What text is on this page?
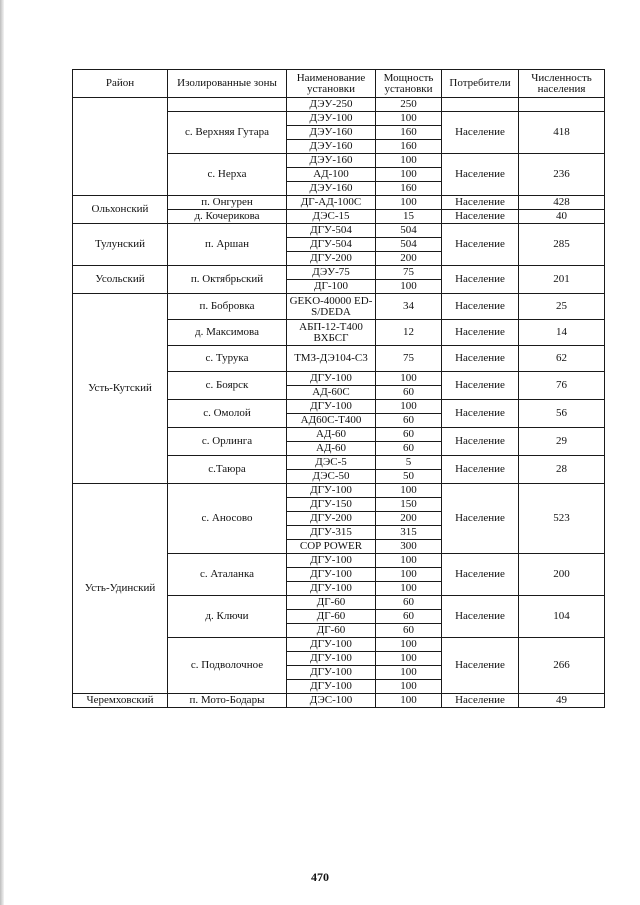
Район	Изолированные зоны	Наименование установки	Мощность установки	Потребители	Численность населения
		ДЭУ-250	250		
	с. Верхняя Гутара	ДЭУ-100	100	Население	418
		ДЭУ-160	160		
		ДЭУ-160	160		
	с. Нерха	ДЭУ-160	100	Население	236
		АД-100	100		
		ДЭУ-160	160		
Ольхонский	п. Онгурен	ДГ-АД-100С	100	Население	428
	д. Кочерикова	ДЭС-15	15	Население	40
Тулунский	п. Аршан	ДГУ-504	504	Население	285
		ДГУ-504	504		
		ДГУ-200	200		
Усольский	п. Октябрьский	ДЭУ-75	75	Население	201
		ДГ-100	100		
Усть-Кутский	п. Бобровка	GEKO-40000 ED-S/DEDA	34	Население	25
	д. Максимова	АБП-12-Т400 ВХБСГ	12	Население	14
	с. Турука	ТМЗ-ДЭ104-С3	75	Население	62
	с. Боярск	ДГУ-100	100	Население	76
		АД-60С	60		
	с. Омолой	ДГУ-100	100	Население	56
		АД60С-Т400	60		
	с. Орлинга	АД-60	60	Население	29
		АД-60	60		
	с.Таюра	ДЭС-5	5	Население	28
		ДЭС-50	50		
Усть-Удинский	с. Аносово	ДГУ-100	100	Население	523
		ДГУ-150	150		
		ДГУ-200	200		
		ДГУ-315	315		
		COP POWER	300		
	с. Аталанка	ДГУ-100	100	Население	200
		ДГУ-100	100		
		ДГУ-100	100		
	д. Ключи	ДГ-60	60	Население	104
		ДГ-60	60		
		ДГ-60	60		
	с. Подволочное	ДГУ-100	100	Население	266
		ДГУ-100	100		
		ДГУ-100	100		
		ДГУ-100	100		
Черемховский	п. Мото-Бодары	ДЭС-100	100	Население	49
470
